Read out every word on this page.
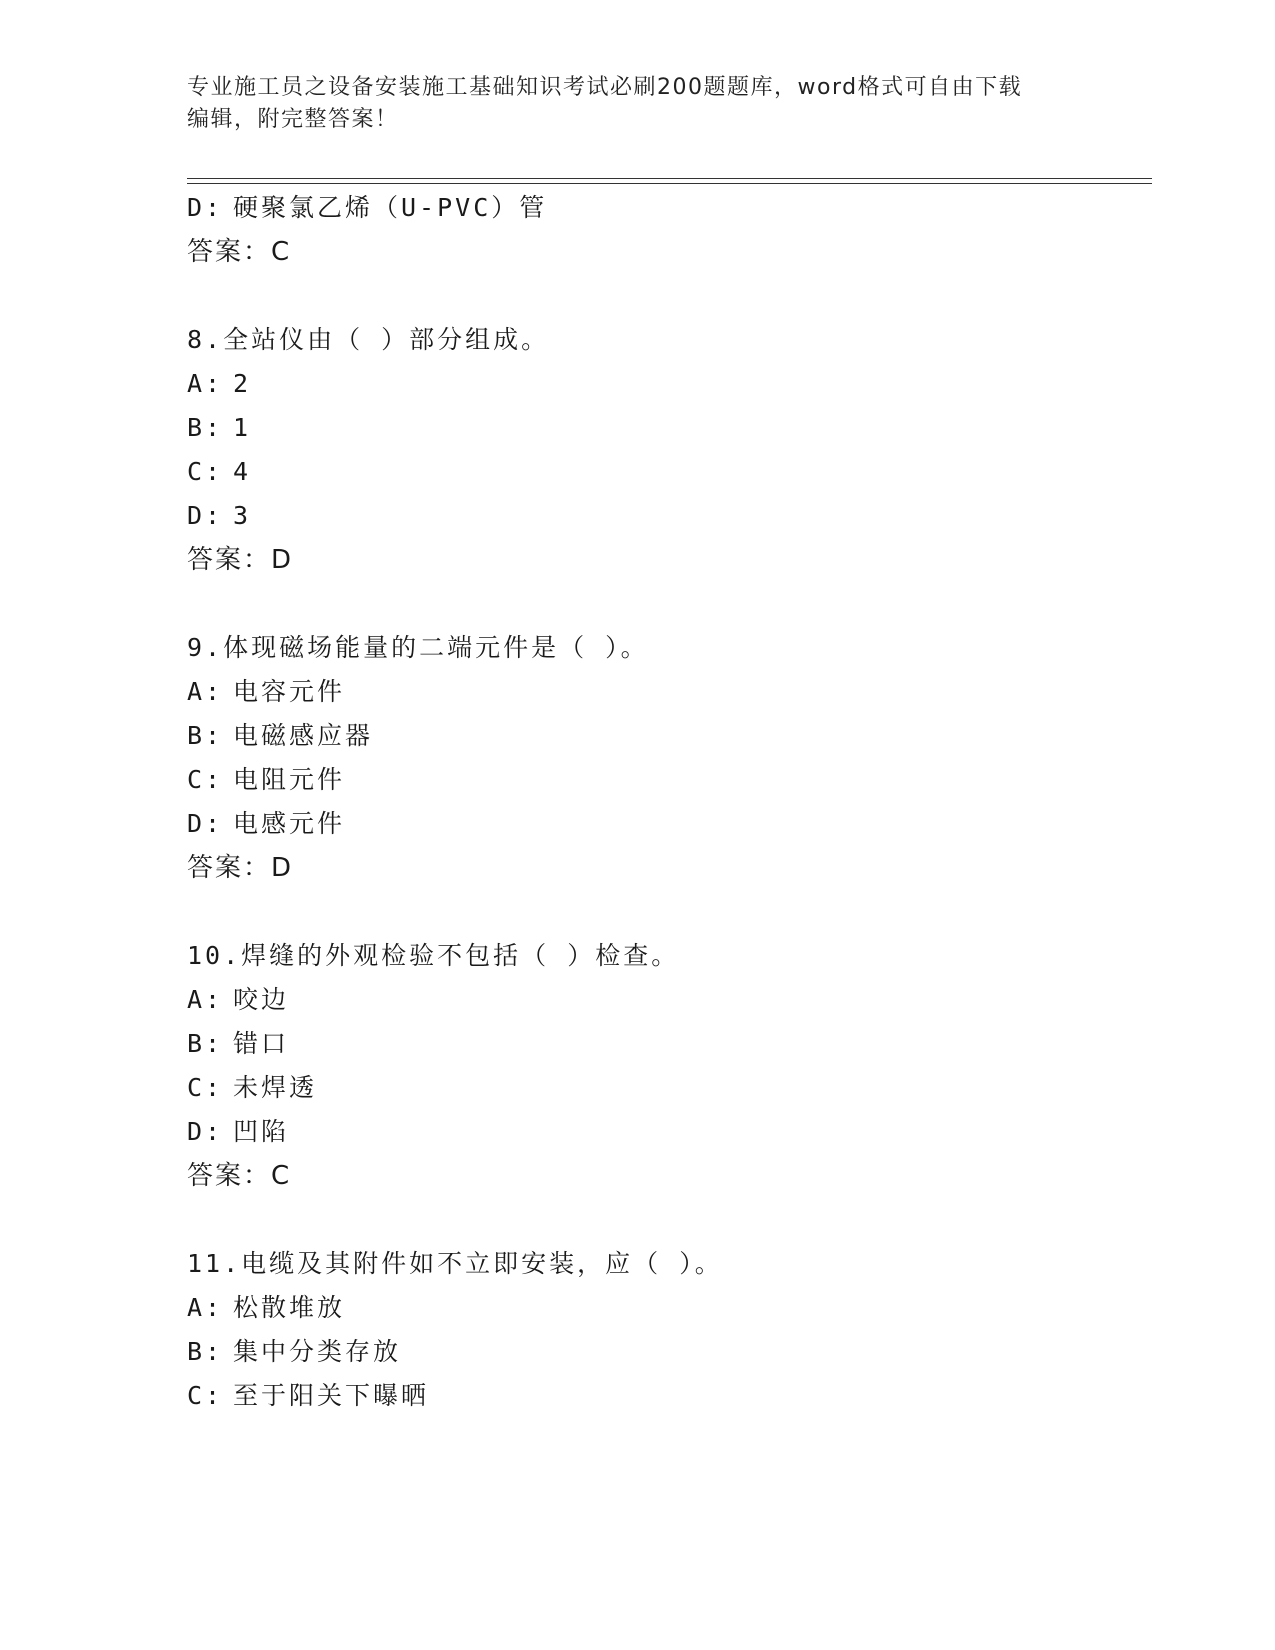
专业施工员之设备安装施工基础知识考试必刷200题题库，word格式可自由下载
编辑，附完整答案！
D: 硬聚氯乙烯（U-PVC）管
答案：C
8.全站仪由（ ）部分组成。
A: 2
B: 1
C: 4
D: 3
答案：D
9.体现磁场能量的二端元件是（ ）。
A: 电容元件
B: 电磁感应器
C: 电阻元件
D: 电感元件
答案：D
10.焊缝的外观检验不包括（ ）检查。
A: 咬边
B: 错口
C: 未焊透
D: 凹陷
答案：C
11.电缆及其附件如不立即安装，应（ ）。
A: 松散堆放
B: 集中分类存放
C: 至于阳关下曝晒
